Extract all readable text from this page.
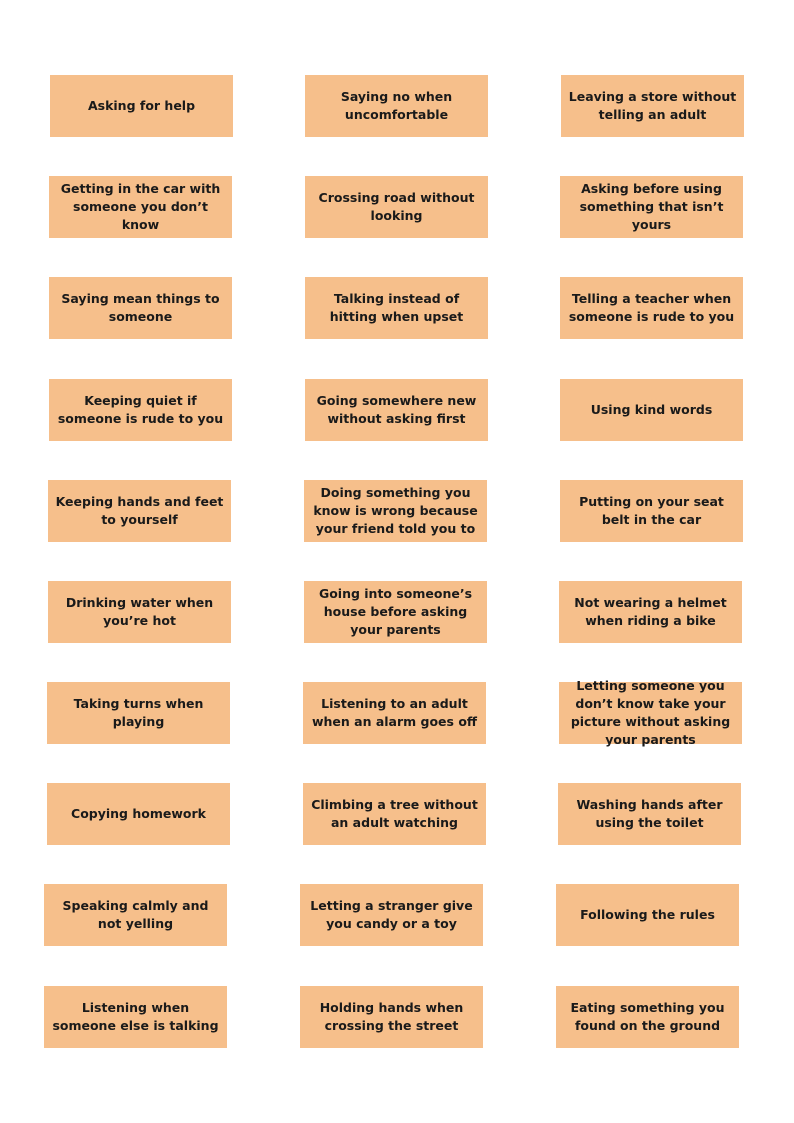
Asking for help
Saying no when uncomfortable
Leaving a store without telling an adult
Getting in the car with someone you don’t know
Crossing road without looking
Asking before using something that isn’t yours
Saying mean things to someone
Talking instead of hitting when upset
Telling a teacher when someone is rude to you
Keeping quiet if someone is rude to you
Going somewhere new without asking first
Using kind words
Keeping hands and feet to yourself
Doing something you know is wrong because your friend told you to
Putting on your seat belt in the car
Drinking water when you’re hot
Going into someone’s house before asking your parents
Not wearing a helmet when riding a bike
Taking turns when playing
Listening to an adult when an alarm goes off
Letting someone you don’t know take your picture without asking your parents
Copying homework
Climbing a tree without an adult watching
Washing hands after using the toilet
Speaking calmly and not yelling
Letting a stranger give you candy or a toy
Following the rules
Listening when someone else is talking
Holding hands when crossing the street
Eating something you found on the ground
